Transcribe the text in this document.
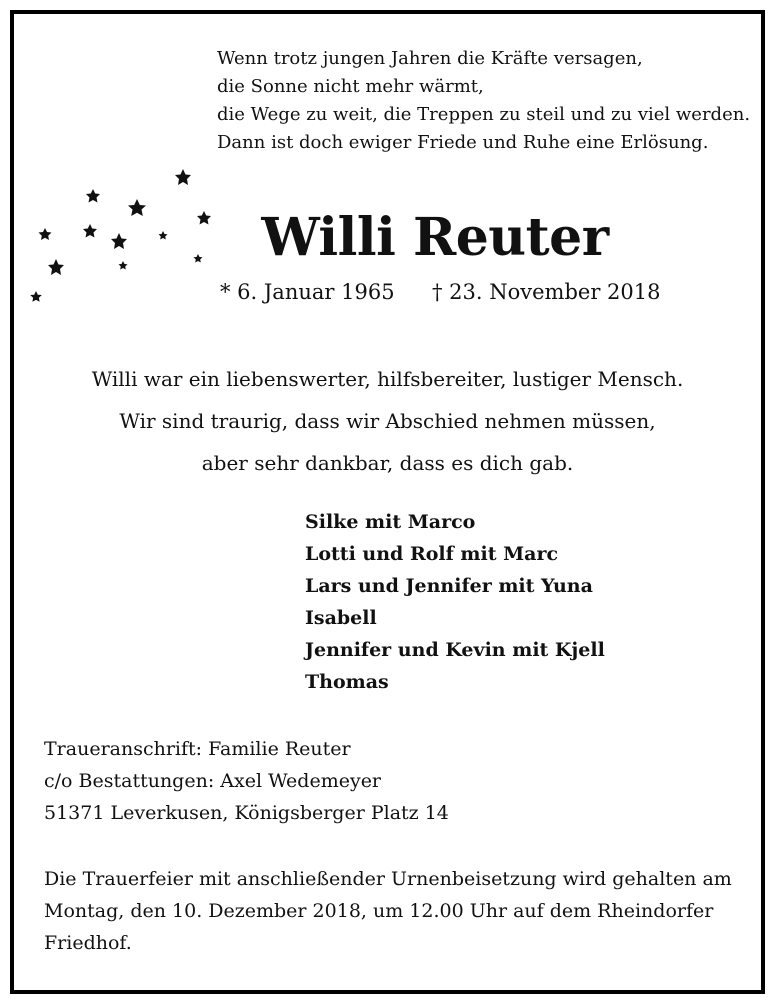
Wenn trotz jungen Jahren die Kräfte versagen,
die Sonne nicht mehr wärmt,
die Wege zu weit, die Treppen zu steil und zu viel werden.
Dann ist doch ewiger Friede und Ruhe eine Erlösung.
Willi Reuter
* 6. Januar 1965 † 23. November 2018
Willi war ein liebenswerter, hilfsbereiter, lustiger Mensch.
Wir sind traurig, dass wir Abschied nehmen müssen,
aber sehr dankbar, dass es dich gab.
Silke mit Marco
Lotti und Rolf mit Marc
Lars und Jennifer mit Yuna
Isabell
Jennifer und Kevin mit Kjell
Thomas
Traueranschrift: Familie Reuter
c/o Bestattungen: Axel Wedemeyer
51371 Leverkusen, Königsberger Platz 14
Die Trauerfeier mit anschließender Urnenbeisetzung wird gehalten am Montag, den 10. Dezember 2018, um 12.00 Uhr auf dem Rheindorfer Friedhof.
